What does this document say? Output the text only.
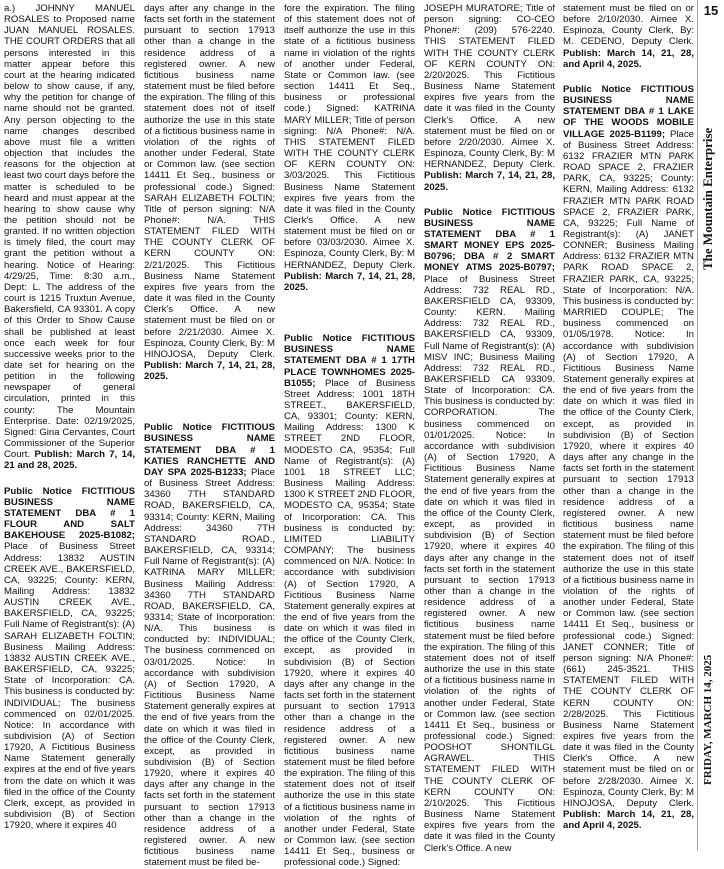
a.) JOHNNY MANUEL ROSALES to Proposed name JUAN MANUEL ROSALES. THE COURT ORDERS that all persons interested in this matter appear before this court at the hearing indicated below to show cause, if any, why the petition for change of name should not be granted. Any person objecting to the name changes described above must file a written objection that includes the reasons for the objection at least two court days before the matter is scheduled to be heard and must appear at the hearing to show cause why the petition should not be granted. If no written objection is timely filed, the court may grant the petition without a hearing. Notice of Hearing: 4/29/25, Time: 8:30 a.m., Dept: L. The address of the court is 1215 Truxtun Avenue, Bakersfield, CA 93301. A copy of this Order to Show Cause shall be published at least once each week for four successive weeks prior to the date set for hearing on the petition in the following newspaper of general circulation, printed in this county: The Mountain Enterprise. Date: 02/19/2025, Signed: Gina Cervantes, Court Commissioner of the Superior Court. Publish: March 7, 14, 21 and 28, 2025.

Public Notice FICTITIOUS BUSINESS NAME STATEMENT DBA # 1 FLOUR AND SALT BAKEHOUSE 2025-B1082; Place of Business Street Address: 13832 AUSTIN CREEK AVE., BAKERSFIELD, CA, 93225; County: KERN, Mailing Address: 13832 AUSTIN CREEK AVE., BAKERSFIELD, CA, 93225; Full Name of Registrant(s): (A) SARAH ELIZABETH FOLTIN; Business Mailing Address: 13832 AUSTIN CREEK AVE., BAKERSFIELD, CA, 93225; State of Incorporation: CA. This business is conducted by: INDIVIDUAL; The business commenced on 02/01/2025. Notice: In accordance with subdivision (A) of Section 17920, A Fictitious Business Name Statement generally expires at the end of five years from the date on which it was filed in the office of the County Clerk, except, as provided in subdivision (B) of Section 17920, where it expires 40

days after any change in the facts set forth in the statement pursuant to section 17913 other than a change in the residence address of a registered owner. A new fictitious business name statement must be filed before the expiration. The filing of this statement does not of itself authorize the use in this state of a fictitious business name in violation of the rights of another under Federal, State or Common law. (see section 14411 Et Seq., business or professional code.) Signed: SARAH ELIZABETH FOLTIN; Title of person signing: N/A Phone#: N/A. THIS STATEMENT FILED WITH THE COUNTY CLERK OF KERN COUNTY ON: 2/21/2025. This Fictitious Business Name Statement expires five years from the date it was filed in the County Clerk's Office. A new statement must be filed on or before 2/21/2030. Aimee X. Espinoza, County Clerk, By: M HINOJOSA, Deputy Clerk. Publish: March 7, 14, 21, 28, 2025.

Public Notice FICTITIOUS BUSINESS NAME STATEMENT DBA # 1 KATIES RANCHETTE AND DAY SPA 2025-B1233; Place of Business Street Address: 34360 7TH STANDARD ROAD, BAKERSFIELD, CA, 93314; County: KERN, Mailing Address: 34360 7TH STANDARD ROAD., BAKERSFIELD, CA, 93314; Full Name of Registrant(s): (A) KATRINA MARY MILLER; Business Mailing Address: 34360 7TH STANDARD ROAD, BAKERSFIELD, CA, 93314; State of Incorporation: N/A. This business is conducted by: INDIVIDUAL; The business commenced on 03/01/2025. Notice: In accordance with subdivision (A) of Section 17920, A Fictitious Business Name Statement generally expires at the end of five years from the date on which it was filed in the office of the County Clerk, except, as provided in subdivision (B) of Section 17920, where it expires 40 days after any change in the facts set forth in the statement pursuant to section 17913 other than a change in the residence address of a registered owner. A new fictitious business name statement must be filed be-

fore the expiration. The filing of this statement does not of itself authorize the use in this state of a fictitious business name in violation of the rights of another under Federal, State or Common law. (see section 14411 Et Seq., business or professional code.) Signed: KATRINA MARY MILLER; Title of person signing: N/A Phone#: N/A. THIS STATEMENT FILED WITH THE COUNTY CLERK OF KERN COUNTY ON: 3/03/2025. This Fictitious Business Name Statement expires five years from the date it was filed in the County Clerk's Office. A new statement must be filed on or before 03/03/2030. Aimee X. Espinoza, County Clerk, By: M HERNANDEZ, Deputy Clerk. Publish: March 7, 14, 21, 28, 2025.

Public Notice FICTITIOUS BUSINESS NAME STATEMENT DBA # 1 17TH PLACE TOWNHOMES 2025-B1055; Place of Business Street Address: 1001 18TH STREET., BAKERSFIELD, CA, 93301; County: KERN, Mailing Address: 1300 K STREET 2ND FLOOR, MODESTO CA, 95354; Full Name of Registrant(s): (A) 1001 18 STREET LLC; Business Mailing Address: 1300 K STREET 2ND FLOOR, MODESTO CA, 95354; State of Incorporation: CA. This business is conducted by: LIMITED LIABILITY COMPANY; The business commenced on N/A. Notice: In accordance with subdivision (A) of Section 17920, A Fictitious Business Name Statement generally expires at the end of five years from the date on which it was filed in the office of the County Clerk, except, as provided in subdivision (B) of Section 17920, where it expires 40 days after any change in the facts set forth in the statement pursuant to section 17913 other than a change in the residence address of a registered owner. A new fictitious business name statement must be filed before the expiration. The filing of this statement does not of itself authorize the use in this state of a fictitious business name in violation of the rights of another under Federal, State or Common law. (see section 14411 Et Seq., business or professional code.) Signed:

JOSEPH MURATORE; Title of person signing: CO-CEO Phone#: (209) 576-2240. THIS STATEMENT FILED WITH THE COUNTY CLERK OF KERN COUNTY ON: 2/20/2025. This Fictitious Business Name Statement expires five years from the date it was filed in the County Clerk's Office. A new statement must be filed on or before 2/20/2030. Aimee X. Espinoza, County Clerk, By: M HERNANDEZ, Deputy Clerk. Publish: March 7, 14, 21, 28, 2025.

Public Notice FICTITIOUS BUSINESS NAME STATEMENT DBA # 1 SMART MONEY EPS 2025-B0796; DBA # 2 SMART MONEY ATMS 2025-B0797; Place of Business Street Address: 732 REAL RD., BAKERSFIELD CA, 93309, County: KERN. Mailing Address: 732 REAL RD., BAKERSFIELD CA, 93309, Full Name of Registrant(s): (A) MISV INC; Business Mailing Address: 732 REAL RD., BAKERSFIELD CA 93309. State of Incorporation: CA. This business is conducted by: CORPORATION. The business commenced on 01/01/2025. Notice: In accordance with subdivision (A) of Section 17920, A Fictitious Business Name Statement generally expires at the end of five years from the date on which it was filed in the office of the County Clerk, except, as provided in subdivision (B) of Section 17920, where it expires 40 days after any change in the facts set forth in the statement pursuant to section 17913 other than a change in the residence address of a registered owner. A new fictitious business name statement must be filed before the expiration. The filing of this statement does not of itself authorize the use in this state of a fictitious business name in violation of the rights of another under Federal, State or Common law. (see section 14411 Et Seq., business or professional code.) Signed: POOSHOT SHONTILGL AGRAWEL. THIS STATEMENT FILED WITH THE COUNTY CLERK OF KERN COUNTY ON: 2/10/2025. This Fictitious Business Name Statement expires five years from the date it was filed in the County Clerk's Office. A new

statement must be filed on or before 2/10/2030. Aimee X. Espinoza, County Clerk, By: M. CEDENO, Deputy Clerk. Publish: March 14, 21, 28, and April 4, 2025.

Public Notice FICTITIOUS BUSINESS NAME STATEMENT DBA # 1 LAKE OF THE WOODS MOBILE VILLAGE 2025-B1199; Place of Business Street Address: 6132 FRAZIER MTN PARK ROAD SPACE 2, FRAZIER PARK, CA, 93225; County: KERN, Mailing Address: 6132 FRAZIER MTN PARK ROAD SPACE 2, FRAZIER PARK, CA, 93225; Full Name of Registrant(s): (A) JANET CONNER; Business Mailing Address: 6132 FRAZIER MTN PARK ROAD SPACE 2, FRAZIER PARK, CA, 93225; State of Incorporation: N/A. This business is conducted by: MARRIED COUPLE; The business commenced on 01/05/1978. Notice: In accordance with subdivision (A) of Section 17920, A Fictitious Business Name Statement generally expires at the end of five years from the date on which it was filed in the office of the County Clerk, except, as provided in subdivision (B) of Section 17920, where it expires 40 days after any change in the facts set forth in the statement pursuant to section 17913 other than a change in the residence address of a registered owner. A new fictitious business name statement must be filed before the expiration. The filing of this statement does not of itself authorize the use in this state of a fictitious business name in violation of the rights of another under Federal, State or Common law. (see section 14411 Et Seq., business or professional code.) Signed: JANET CONNER; Title of person signing: N/A Phone#: (661) 245-3521. THIS STATEMENT FILED WITH THE COUNTY CLERK OF KERN COUNTY ON: 2/28/2025. This Fictitious Business Name Statement expires five years from the date it was filed in the County Clerk's Office. A new statement must be filed on or before 2/28/2030. Aimee X. Espinoza, County Clerk, By: M HINOJOSA, Deputy Clerk. Publish: March 14, 21, 28, and April 4, 2025.

15
The Mountain Enterprise
FRIDAY, MARCH 14, 2025
